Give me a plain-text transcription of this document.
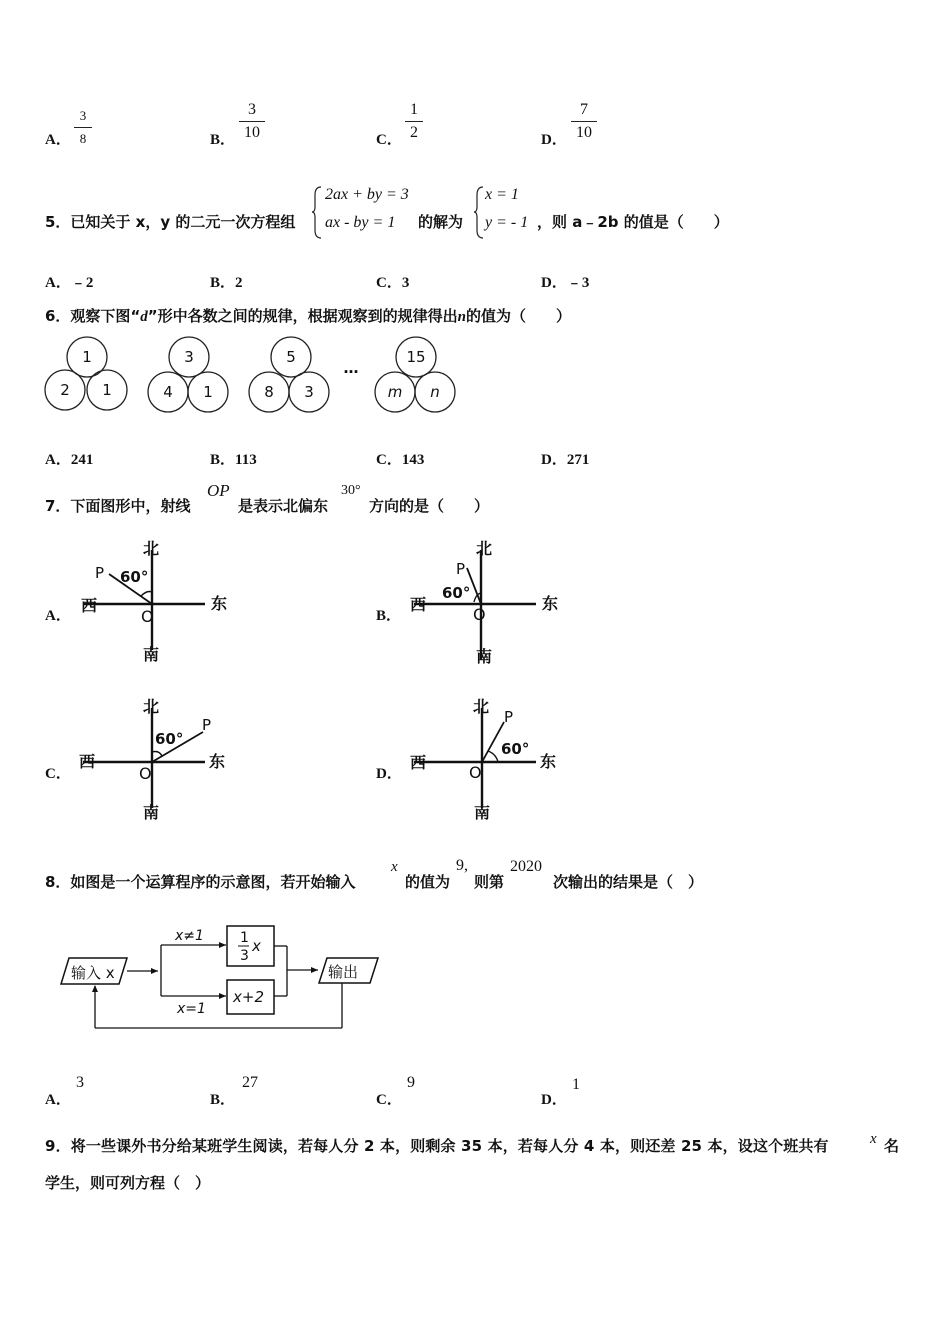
A．
3
8	B．
3
10	C．
1
2	D．
7
10
5．已知关于 x，y 的二元一次方程组
2ax + by = 3
ax - by = 1 的解为
x = 1
y = - 1 ，则 a﹣2b 的值是（　　）
A．﹣2	B．2	C．3	D．﹣3
6．观察下图“d”形中各数之间的规律，根据观察到的规律得出n的值为（　　）
1
2 1
3
4 1
5
8 3
15
m n
…
A．241	B．113	C．143	D．271
7．下面图形中，射线
OP
是表示北偏东
30°
方向的是（　　）
A．
北
西	东
南
O
P 60°
B．
北
西	东
南
O
P
60°
C．
北
西	东
南
O
P
60°
D．
北
西	东
南
O
P
60°
8．如图是一个运算程序的示意图，若开始输入
x
的值为
9,
则第
2020
次输出的结果是（　）
输入 x	输出
x≠1
x=1
1
3
x
x+2
A．
3
B．
27
C．
9
D．
1
9．将一些课外书分给某班学生阅读，若每人分 2 本，则剩余 35 本，若每人分 4 本，则还差 25 本，设这个班共有	x 名
学生，则可列方程（　）
